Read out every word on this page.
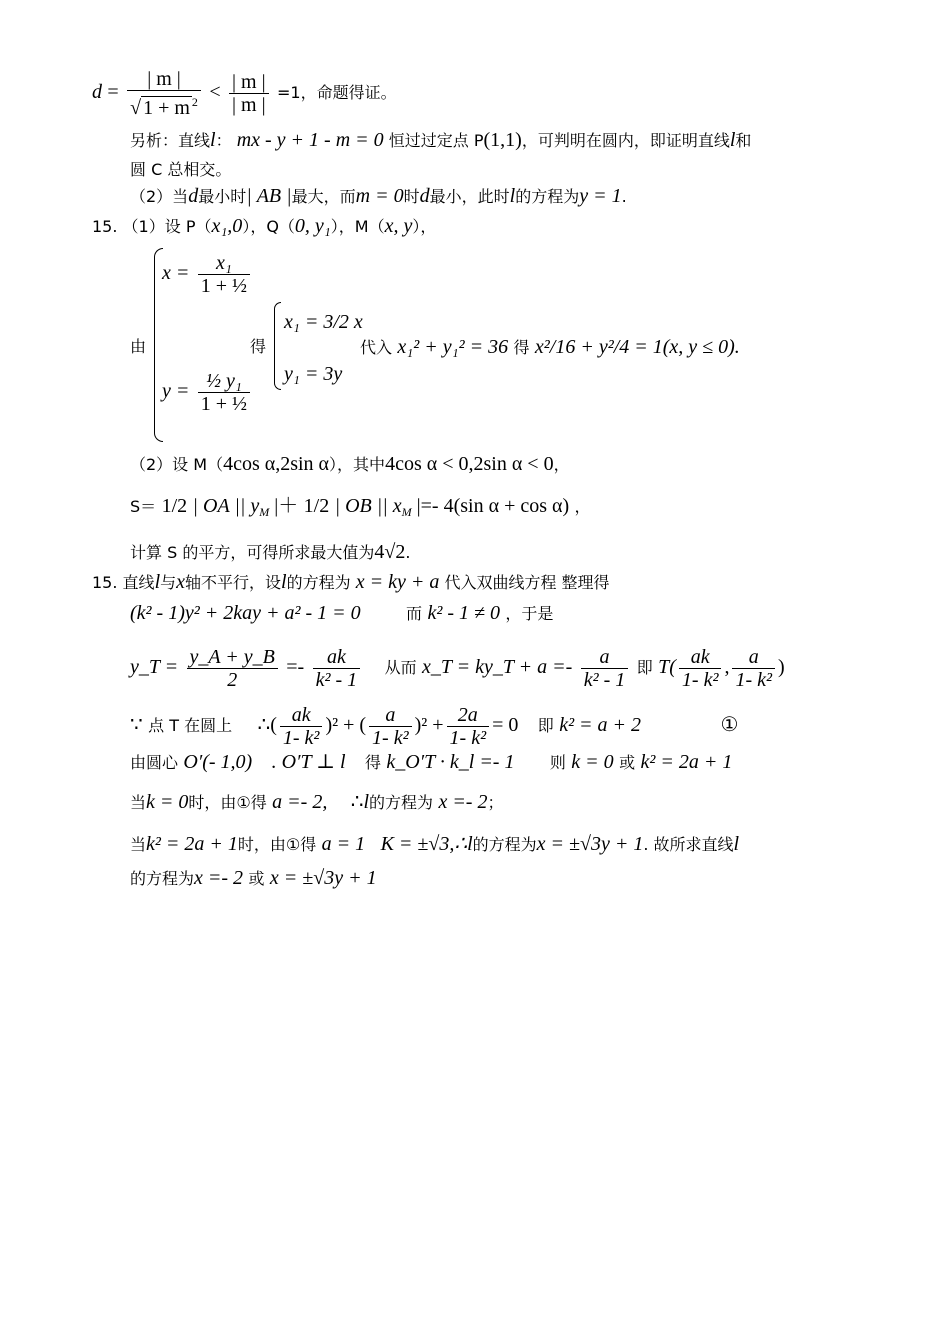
$d = \frac{| m |}{√ 1 + m ^2} < \frac{| m |}{| m |} =1$，命题得证。
另析：直线l： mx - y + 1 - m = 0 恒过过定点 P(1,1)，可判明在圆内，即证明直线l和
圆 C 总相交。
（2）当d最小时| AB |最大，而m = 0时d最小，此时l的方程为y = 1.
15. （1）设 P（x₁,0），Q（0, y₁），M（x, y），
由
$x = \frac{\text{x₁}}{\text{1 + ½}}$
$y = \frac{\text{½ y₁}}{\text{1 + ½}}$
得
x₁ = 3/2 x
y₁ = 3y
代入 x₁² + y₁² = 36 得 x²/16 + y²/4 = 1(x, y ≤ 0).
（2）设 M（4cos α,2sin α），其中4cos α < 0,2sin α < 0，
S＝ 1/2 | OA || $y_M$ |＋ 1/2 | OB || $x_M$ |=- 4(sin α + cos α) ，
计算 S 的平方，可得所求最大值为4√2.
15. 直线l与x轴不平行，设l的方程为 x = ky + a 代入双曲线方程 整理得
(k² - 1)y² + 2kay + a² - 1 = 0	而 k² - 1 ≠ 0 ，于是
y_T = $\frac{y\_A + y\_B}{2} =- \frac{ak}{\text{k² - 1}}$ 从而 x_T = ky_T + $a =- \frac{a}{\text{k² - 1}}$ 即 $T( \frac{ak}{\text{1- k²}}$ , $\frac{a}{\text{1- k²}}$ )
∵ 点 T 在圆上 ∴( $\frac{ak}{\text{1- k²}} )^2$ + ( $\frac{a}{\text{1- k²}} )^2 + \frac{2a}{\text{1- k²}} = 0$ 即 k² = a + 2	①
由圆心 O′(- 1,0) . O′T ⊥ l 得 k_O′T · k_l =- 1 则 k = 0 或 k² = 2a + 1
当k = 0时，由①得 a =- 2, ∴l的方程为 x =- 2；
当k² = 2a + 1时，由①得 a = 1 K = ±√3,∴l的方程为x = ±√3y + 1. 故所求直线l
的方程为x =- 2 或 x = ±√3y + 1
